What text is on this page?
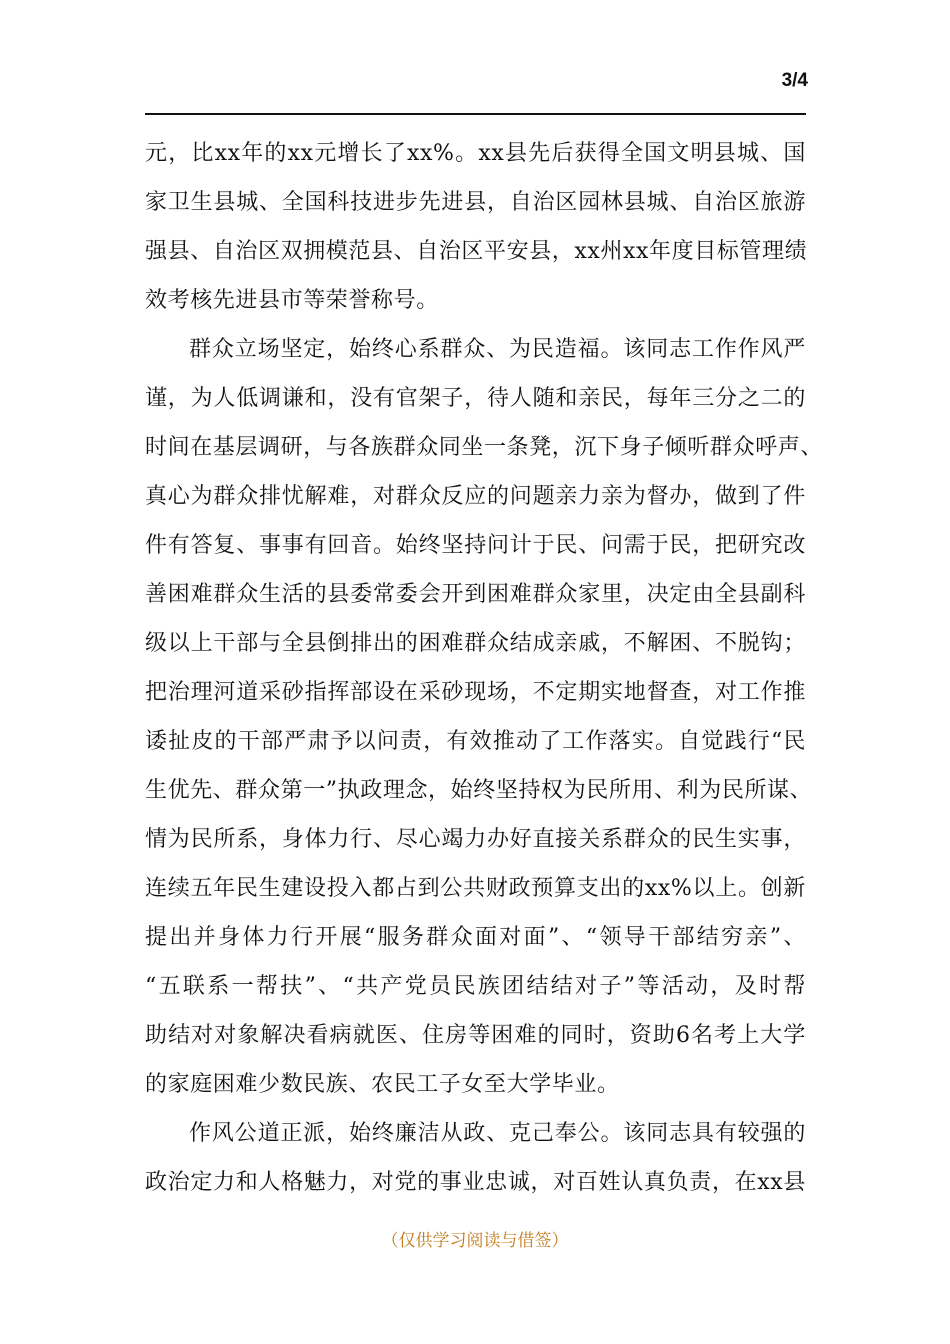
3/4
元，比xx年的xx元增长了xx%。xx县先后获得全国文明县城、国
家卫生县城、全国科技进步先进县，自治区园林县城、自治区旅游
强县、自治区双拥模范县、自治区平安县，xx州xx年度目标管理绩
效考核先进县市等荣誉称号。
群众立场坚定，始终心系群众、为民造福。该同志工作作风严
谨，为人低调谦和，没有官架子，待人随和亲民，每年三分之二的
时间在基层调研，与各族群众同坐一条凳，沉下身子倾听群众呼声、
真心为群众排忧解难，对群众反应的问题亲力亲为督办，做到了件
件有答复、事事有回音。始终坚持问计于民、问需于民，把研究改
善困难群众生活的县委常委会开到困难群众家里，决定由全县副科
级以上干部与全县倒排出的困难群众结成亲戚，不解困、不脱钩；
把治理河道采砂指挥部设在采砂现场，不定期实地督查，对工作推
诿扯皮的干部严肃予以问责，有效推动了工作落实。自觉践行“民
生优先、群众第一”执政理念，始终坚持权为民所用、利为民所谋、
情为民所系，身体力行、尽心竭力办好直接关系群众的民生实事，
连续五年民生建设投入都占到公共财政预算支出的xx%以上。创新
提出并身体力行开展“服务群众面对面”、“领导干部结穷亲”、
“五联系一帮扶”、“共产党员民族团结结对子”等活动，及时帮
助结对对象解决看病就医、住房等困难的同时，资助6名考上大学
的家庭困难少数民族、农民工子女至大学毕业。
作风公道正派，始终廉洁从政、克己奉公。该同志具有较强的
政治定力和人格魅力，对党的事业忠诚，对百姓认真负责，在xx县
（仅供学习阅读与借签）
